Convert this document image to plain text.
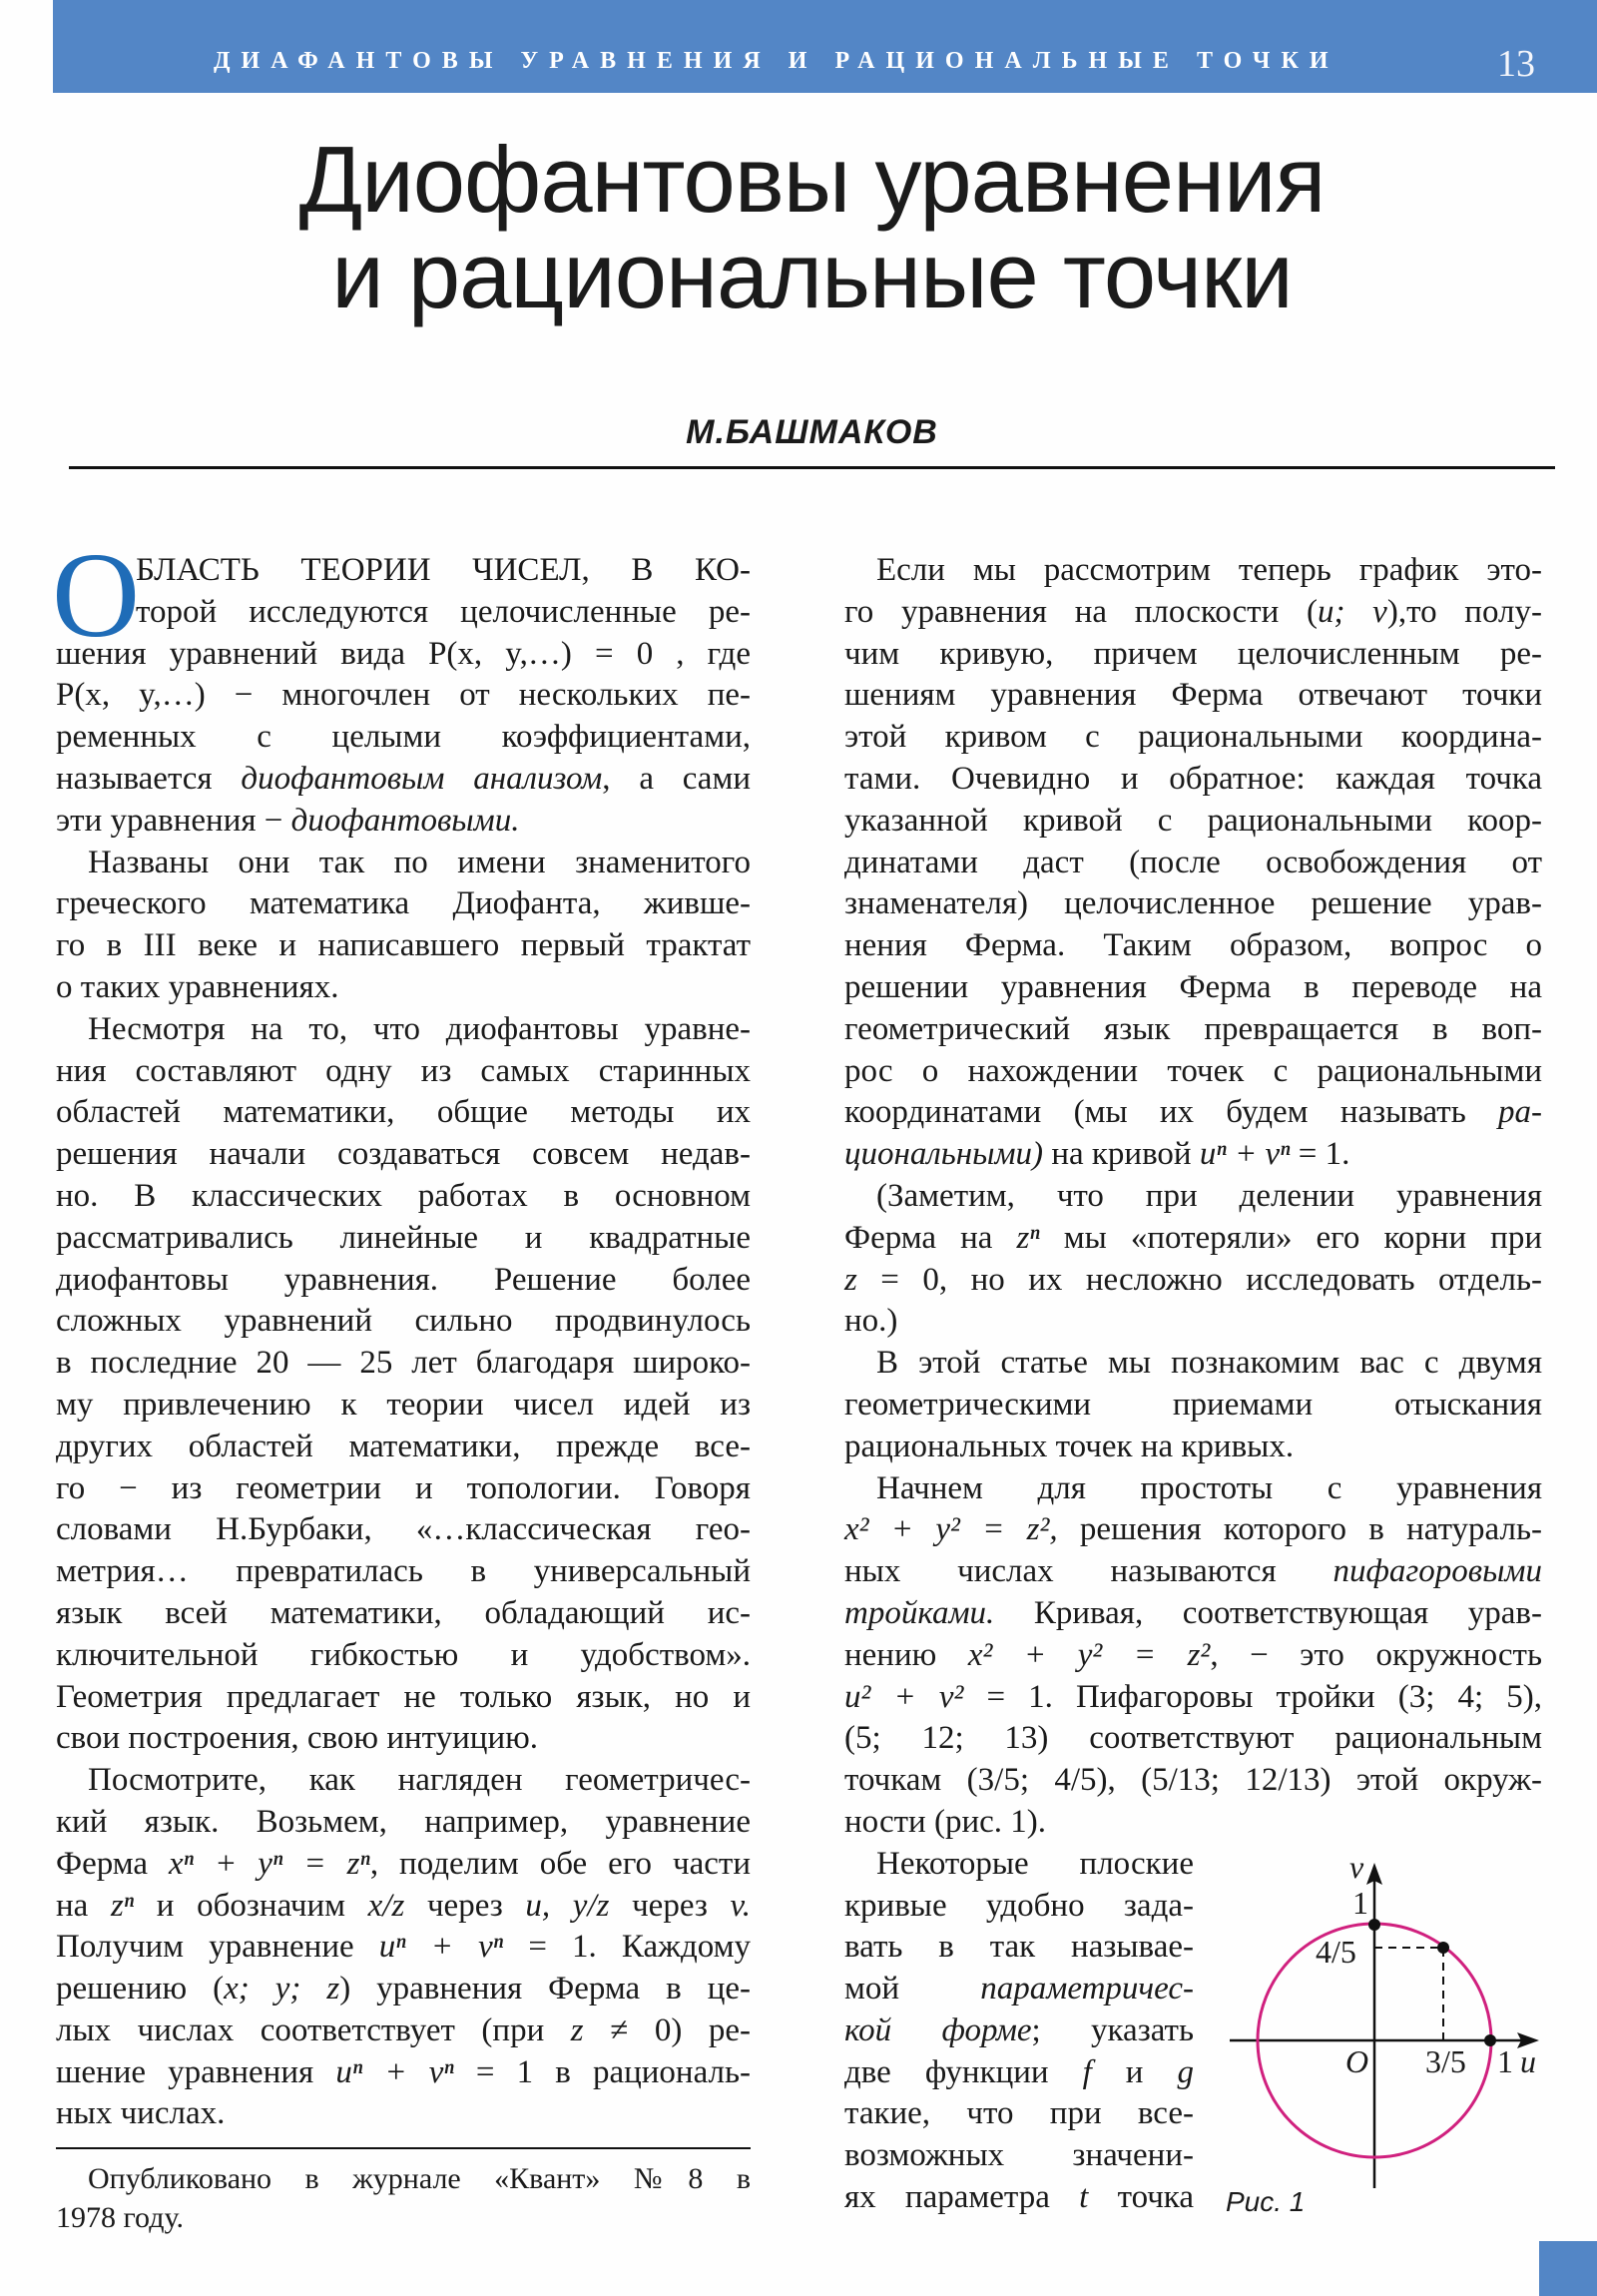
ДИАФАНТОВЫ УРАВНЕНИЯ И РАЦИОНАЛЬНЫЕ ТОЧКИ	13
Диофантовы уравнения
и рациональные точки
М.БАШМАКОВ
О
БЛАСТЬ ТЕОРИИ ЧИСЕЛ, В КО-
торой исследуются целочисленные ре-
шения уравнений вида P(x, y,…) = 0 , где
P(x, y,…) − многочлен от нескольких пе-
ременных с целыми коэффициентами,
называется диофантовым анализом, а сами
эти уравнения − диофантовыми.
Названы они так по имени знаменитого
греческого математика Диофанта, живше-
го в III веке и написавшего первый трактат
о таких уравнениях.
Несмотря на то, что диофантовы уравне-
ния составляют одну из самых старинных
областей математики, общие методы их
решения начали создаваться совсем недав-
но. В классических работах в основном
рассматривались линейные и квадратные
диофантовы уравнения. Решение более
сложных уравнений сильно продвинулось
в последние 20 — 25 лет благодаря широко-
му привлечению к теории чисел идей из
других областей математики, прежде все-
го − из геометрии и топологии. Говоря
словами Н.Бурбаки, «…классическая гео-
метрия… превратилась в универсальный
язык всей математики, обладающий ис-
ключительной гибкостью и удобством».
Геометрия предлагает не только язык, но и
свои построения, свою интуицию.
Посмотрите, как нагляден геометричес-
кий язык. Возьмем, например, уравнение
Ферма xⁿ + yⁿ = zⁿ, поделим обе его части
на zⁿ и обозначим x/z через u, y/z через v.
Получим уравнение uⁿ + vⁿ = 1. Каждому
решению (x; y; z) уравнения Ферма в це-
лых числах соответствует (при z ≠ 0) ре-
шение уравнения uⁿ + vⁿ = 1 в рациональ-
ных числах.
Если мы рассмотрим теперь график это-
го уравнения на плоскости (u; v),то полу-
чим кривую, причем целочисленным ре-
шениям уравнения Ферма отвечают точки
этой кривом с рациональными координа-
тами. Очевидно и обратное: каждая точка
указанной кривой с рациональными коор-
динатами даст (после освобождения от
знаменателя) целочисленное решение урав-
нения Ферма. Таким образом, вопрос о
решении уравнения Ферма в переводе на
геометрический язык превращается в воп-
рос о нахождении точек с рациональными
координатами (мы их будем называть ра-
циональными) на кривой uⁿ + vⁿ = 1.
(Заметим, что при делении уравнения
Ферма на zⁿ мы «потеряли» его корни при
z = 0, но их несложно исследовать отдель-
но.)
В этой статье мы познакомим вас с двумя
геометрическими приемами отыскания
рациональных точек на кривых.
Начнем для простоты с уравнения
x² + y² = z², решения которого в натураль-
ных числах называются пифагоровыми
тройками. Кривая, соответствующая урав-
нению x² + y² = z², − это окружность
u² + v² = 1. Пифагоровы тройки (3; 4; 5),
(5; 12; 13) соответствуют рациональным
точкам (3/5; 4/5), (5/13; 12/13) этой окруж-
ности (рис. 1).
Некоторые плоские
кривые удобно зада-
вать в так называе-
мой параметричес-
кой форме; указать
две функции f и g
такие, что при все-
возможных значени-
ях параметра t точка
Опубликовано в журнале «Квант» №8 в
1978 году.
v
1
4/5
O 3/5 1 u
Рис. 1
